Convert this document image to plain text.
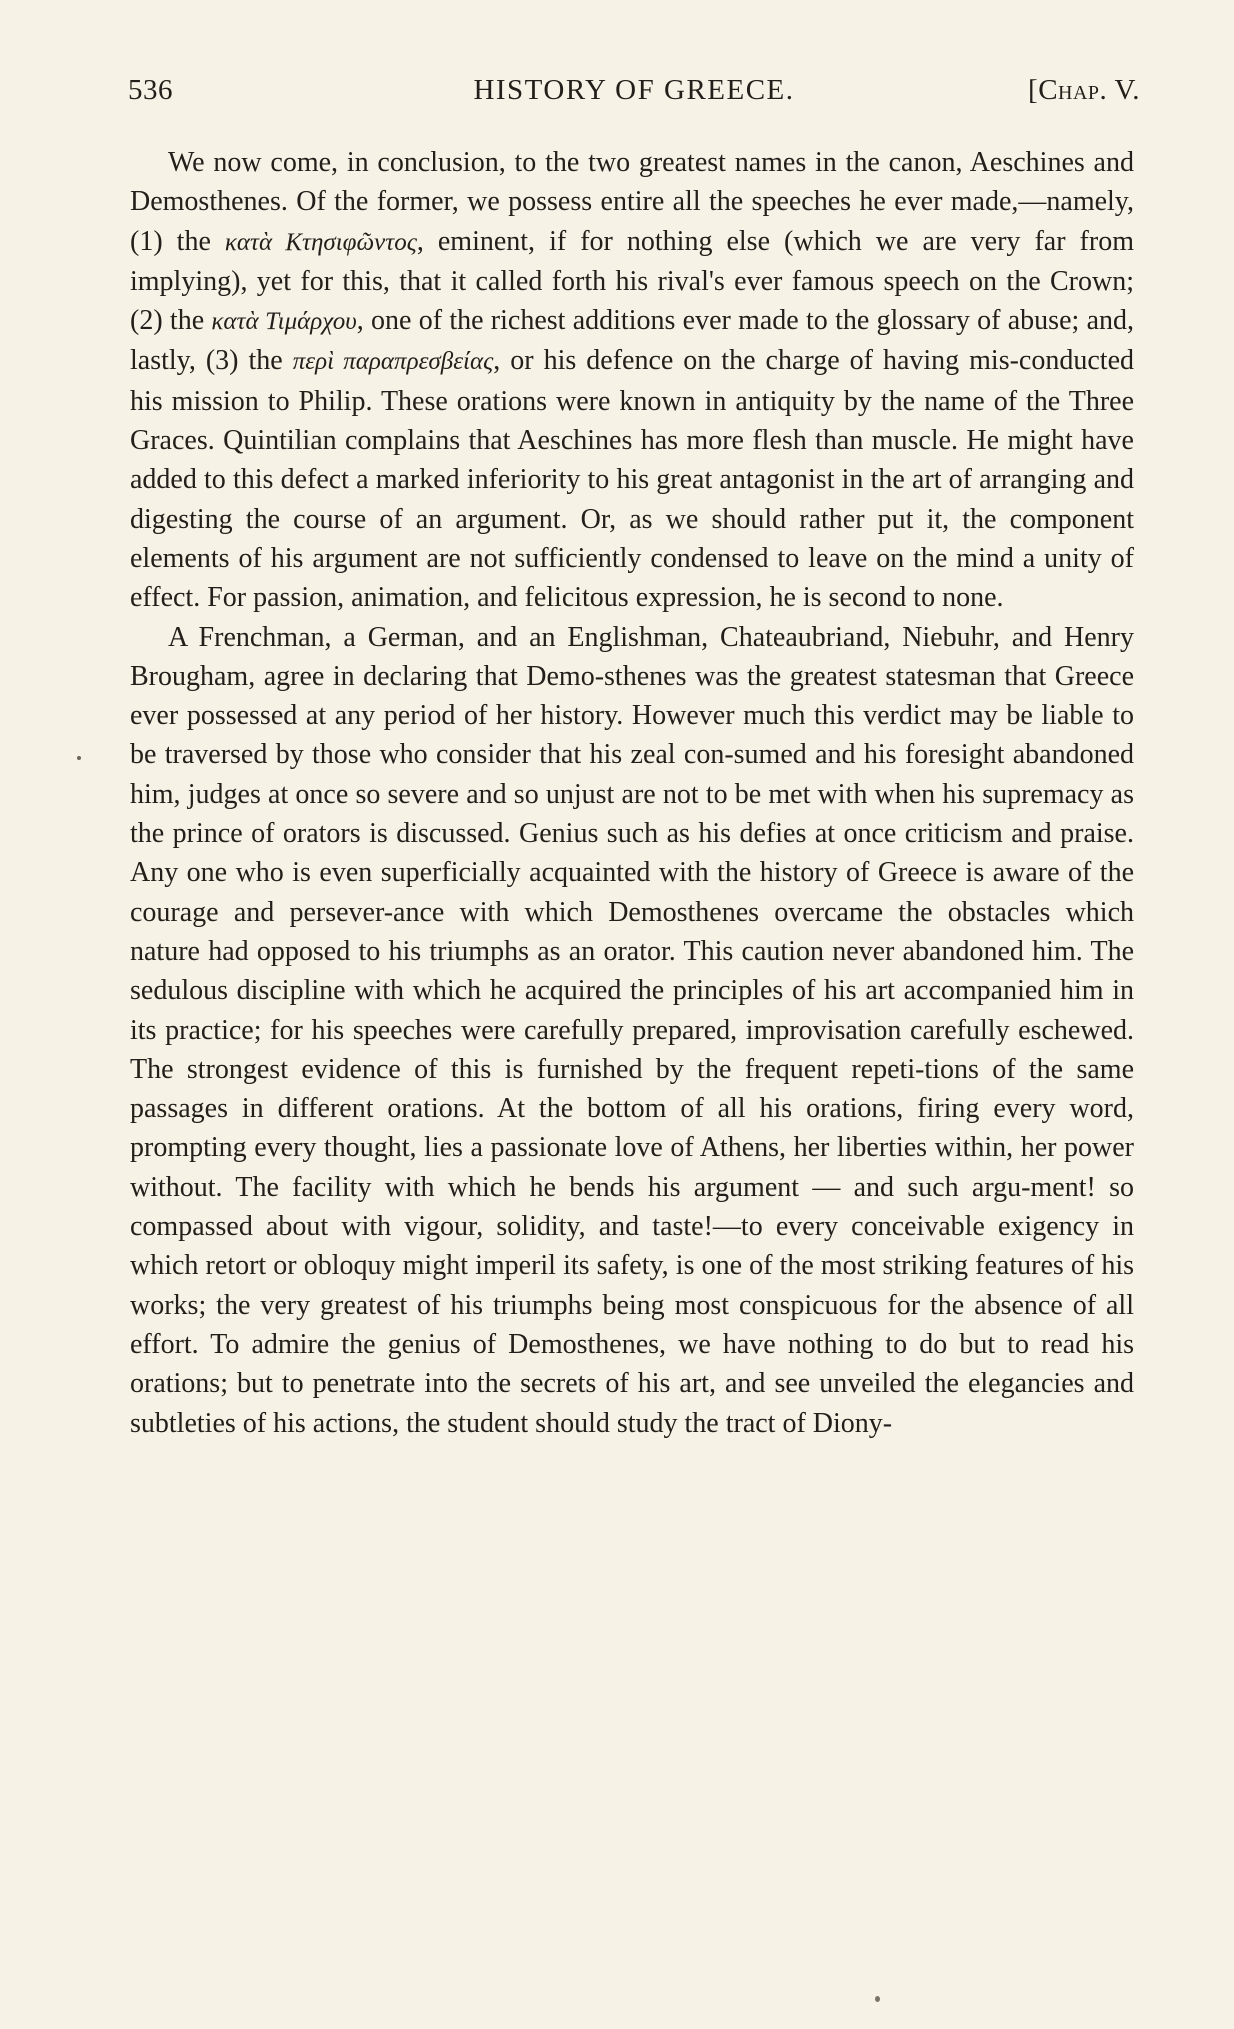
536	HISTORY OF GREECE.	[Chap. V.

We now come, in conclusion, to the two greatest names in the canon, Aeschines and Demosthenes. Of the former, we possess entire all the speeches he ever made,—namely, (1) the κατὰ Κτησιφῶντος, eminent, if for nothing else (which we are very far from implying), yet for this, that it called forth his rival's ever famous speech on the Crown; (2) the κατὰ Τιμάρχου, one of the richest additions ever made to the glossary of abuse; and, lastly, (3) the περὶ παραπρεσβείας, or his defence on the charge of having mis-conducted his mission to Philip. These orations were known in antiquity by the name of the Three Graces. Quintilian complains that Aeschines has more flesh than muscle. He might have added to this defect a marked inferiority to his great antagonist in the art of arranging and digesting the course of an argument. Or, as we should rather put it, the component elements of his argument are not sufficiently condensed to leave on the mind a unity of effect. For passion, animation, and felicitous expression, he is second to none.

A Frenchman, a German, and an Englishman, Chateaubriand, Niebuhr, and Henry Brougham, agree in declaring that Demo-sthenes was the greatest statesman that Greece ever possessed at any period of her history. However much this verdict may be liable to be traversed by those who consider that his zeal con-sumed and his foresight abandoned him, judges at once so severe and so unjust are not to be met with when his supremacy as the prince of orators is discussed. Genius such as his defies at once criticism and praise. Any one who is even superficially acquainted with the history of Greece is aware of the courage and persever-ance with which Demosthenes overcame the obstacles which nature had opposed to his triumphs as an orator. This caution never abandoned him. The sedulous discipline with which he acquired the principles of his art accompanied him in its practice; for his speeches were carefully prepared, improvisation carefully eschewed. The strongest evidence of this is furnished by the frequent repeti-tions of the same passages in different orations. At the bottom of all his orations, firing every word, prompting every thought, lies a passionate love of Athens, her liberties within, her power without. The facility with which he bends his argument — and such argu-ment! so compassed about with vigour, solidity, and taste!—to every conceivable exigency in which retort or obloquy might imperil its safety, is one of the most striking features of his works; the very greatest of his triumphs being most conspicuous for the absence of all effort. To admire the genius of Demosthenes, we have nothing to do but to read his orations; but to penetrate into the secrets of his art, and see unveiled the elegancies and subtleties of his actions, the student should study the tract of Diony-
